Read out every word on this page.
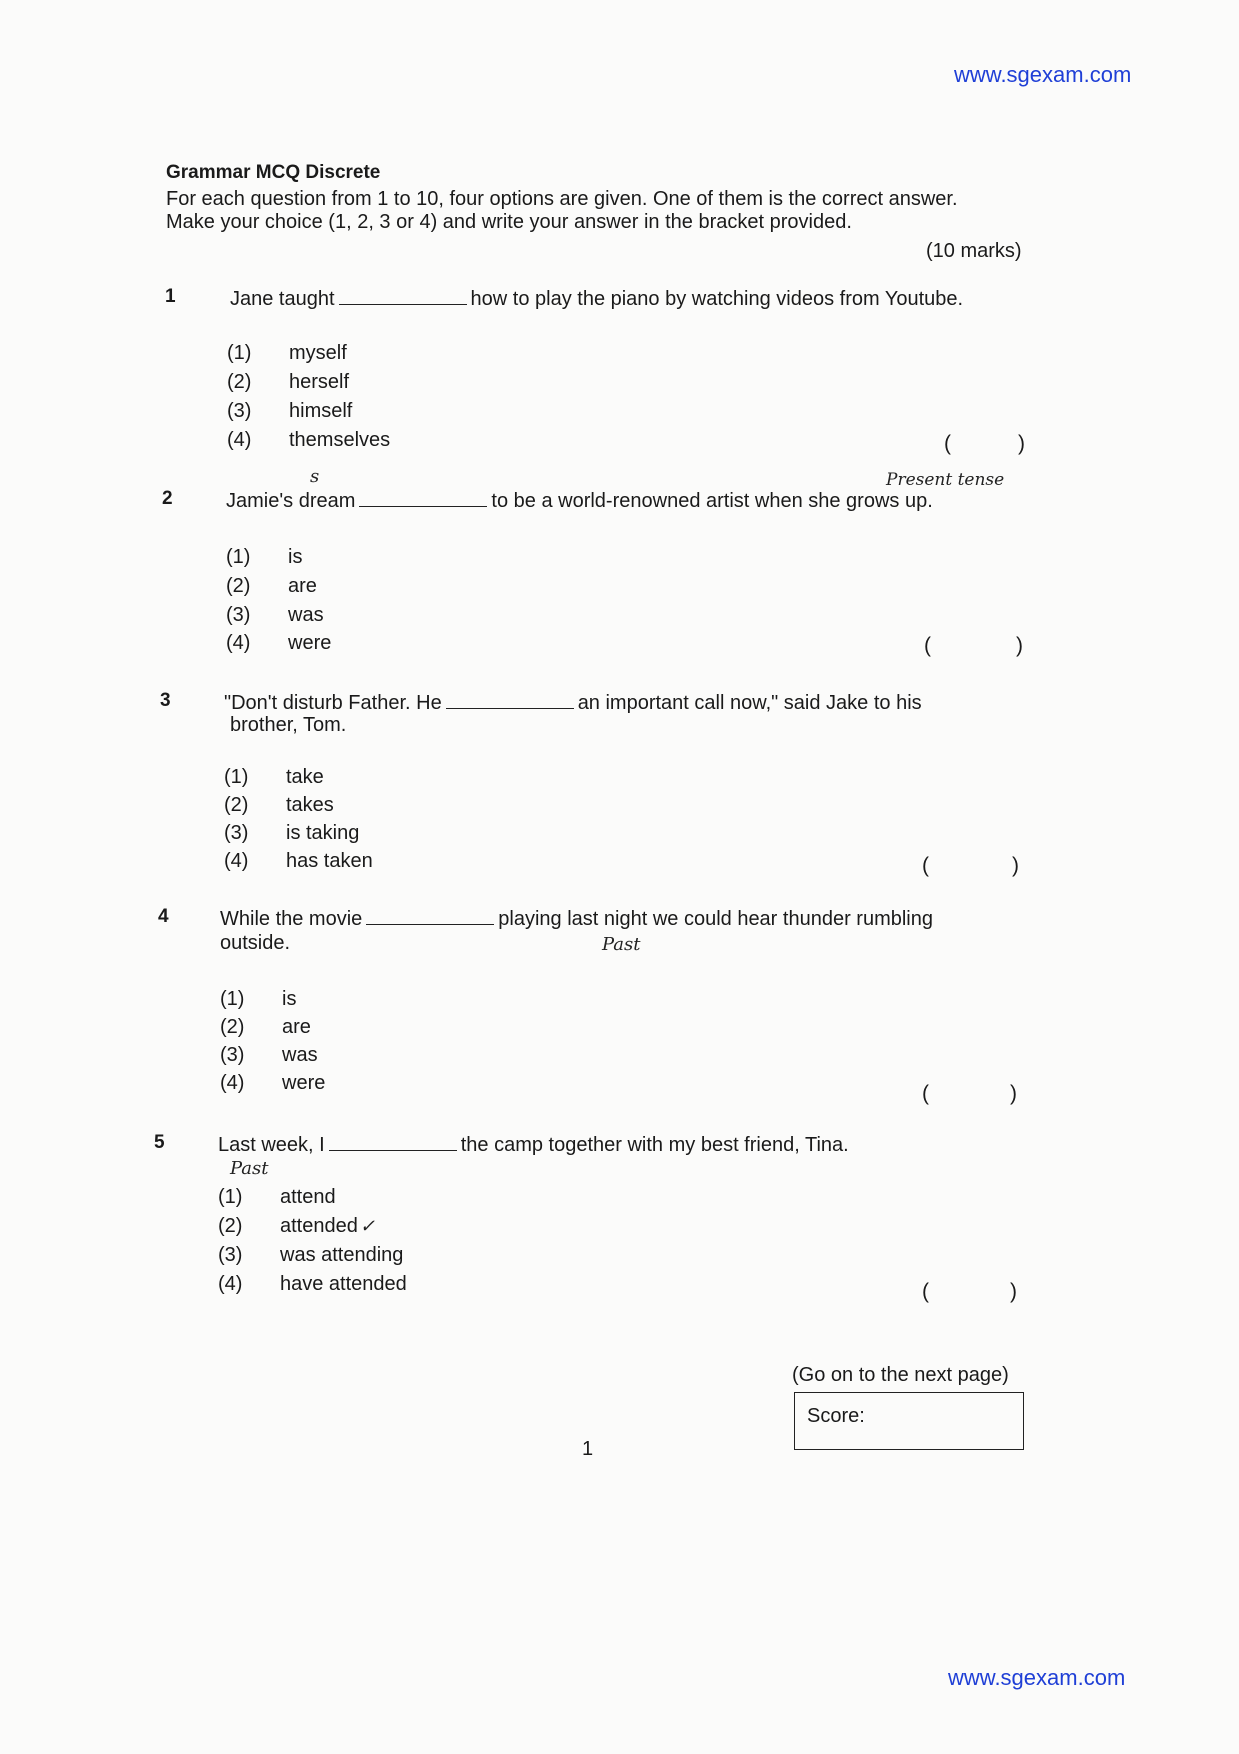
www.sgexam.com
Grammar MCQ Discrete
For each question from 1 to 10, four options are given. One of them is the correct answer.
Make your choice (1, 2, 3 or 4) and write your answer in the bracket provided.
(10 marks)
1	Jane taught	how to play the piano by watching videos from Youtube.
(1) myself
(2) herself
(3) himself
(4) themselves	(	)
s	Present tense
2	Jamie's dream	to be a world-renowned artist when she grows up.
(1) is
(2) are
(3) was
(4) were	(	)
3	"Don't disturb Father. He	an important call now," said Jake to his
brother, Tom.
(1) take
(2) takes
(3) is taking
(4) has taken	(	)
4	While the movie	playing last night we could hear thunder rumbling
outside.	Past
(1) is
(2) are
(3) was
(4) were	(	)
5	Last week, I	the camp together with my best friend, Tina.
Past
(1) attend
(2) attended ✓
(3) was attending
(4) have attended	(	)
(Go on to the next page)
Score:
1
www.sgexam.com
